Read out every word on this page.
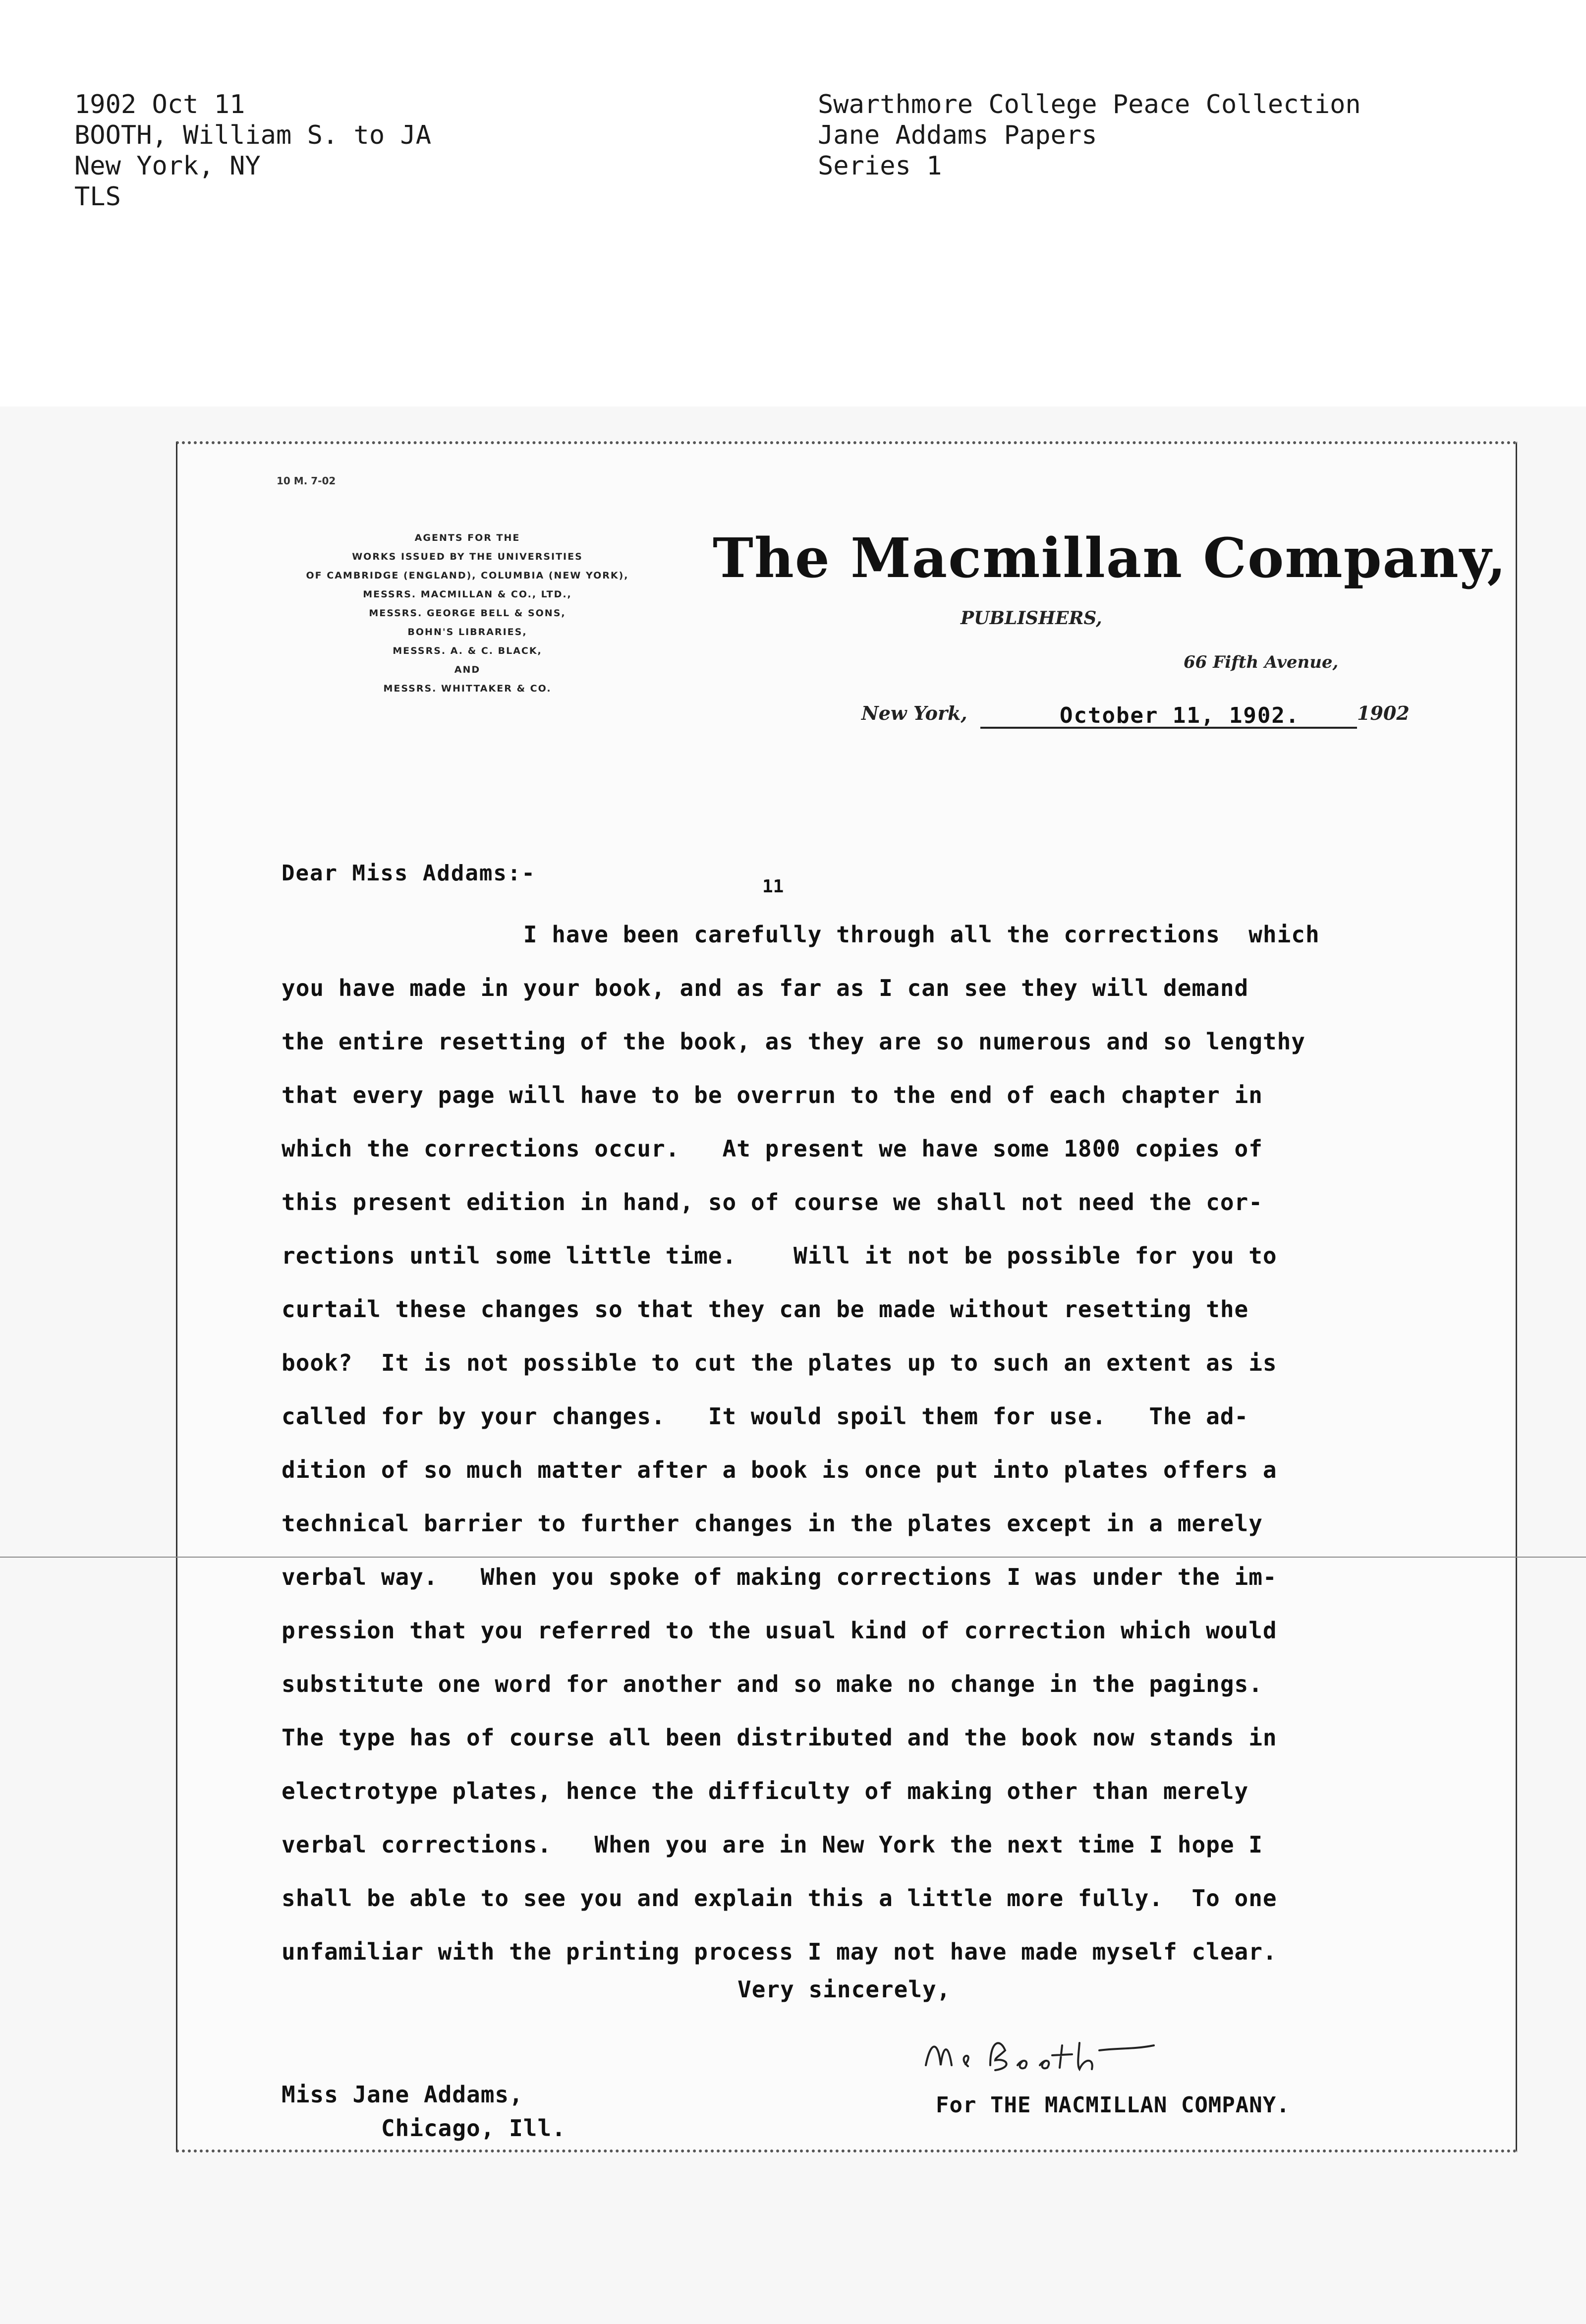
1902 Oct 11
BOOTH, William S. to JA
New York, NY
TLS
Swarthmore College Peace Collection
Jane Addams Papers
Series 1
10 M. 7-02
AGENTS FOR THE
WORKS ISSUED BY THE UNIVERSITIES
OF CAMBRIDGE (ENGLAND), COLUMBIA (NEW YORK),
MESSRS. MACMILLAN & CO., LTD.,
MESSRS. GEORGE BELL & SONS,
BOHN'S LIBRARIES,
MESSRS. A. & C. BLACK,
AND
MESSRS. WHITTAKER & CO.
The Macmillan Company,
PUBLISHERS,
66 Fifth Avenue,
New York,	October 11, 1902.	1902
Dear Miss Addams:-
11
I have been carefully through all the corrections  which
you have made in your book, and as far as I can see they will demand
the entire resetting of the book, as they are so numerous and so lengthy
that every page will have to be overrun to the end of each chapter in
which the corrections occur.   At present we have some 1800 copies of
this present edition in hand, so of course we shall not need the cor-
rections until some little time.    Will it not be possible for you to
curtail these changes so that they can be made without resetting the
book?  It is not possible to cut the plates up to such an extent as is
called for by your changes.   It would spoil them for use.   The ad-
dition of so much matter after a book is once put into plates offers a
technical barrier to further changes in the plates except in a merely
verbal way.   When you spoke of making corrections I was under the im-
pression that you referred to the usual kind of correction which would
substitute one word for another and so make no change in the pagings.
The type has of course all been distributed and the book now stands in
electrotype plates, hence the difficulty of making other than merely
verbal corrections.   When you are in New York the next time I hope I
shall be able to see you and explain this a little more fully.  To one
unfamiliar with the printing process I may not have made myself clear.
Very sincerely,
Miss Jane Addams,
Chicago, Ill.
For THE MACMILLAN COMPANY.
